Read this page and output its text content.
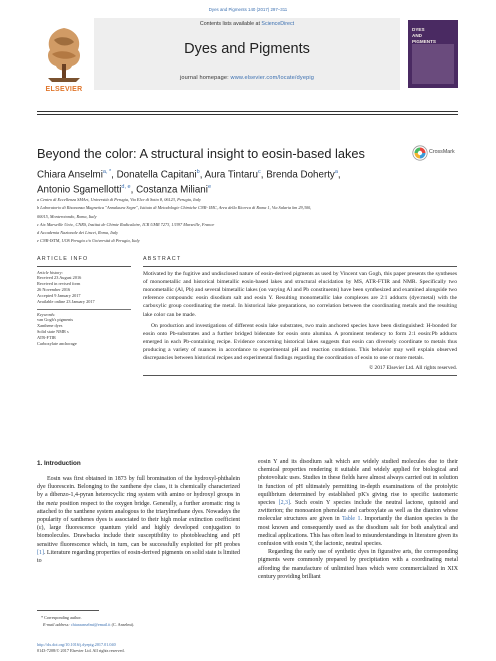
Dyes and Pigments 140 (2017) 297–311
ELSEVIER
Contents lists available at ScienceDirect
Dyes and Pigments
journal homepage: www.elsevier.com/locate/dyepig
DYES
AND
PIGMENTS
Beyond the color: A structural insight to eosin-based lakes	CrossMark
Chiara Anselmi$^{a, *}$, Donatella Capitani$^b$, Aura Tintaru$^c$, Brenda Doherty$^a$,
Antonio Sgamellotti$^{d, e}$, Costanza Miliani$^e$
a Centro di Eccellenza SMArt, Università di Perugia, Via Elce di Sotto 8, 06123, Perugia, Italy
b Laboratorio di Risonanza Magnetica "Annalaura Segre", Istituto di Metodologie Chimiche CNR- IMC, Area della Ricerca di Roma 1, Via Salaria km 29,300,
00015, Monterotondo, Roma, Italy
c Aix Marseille Univ., CNRS, Institut de Chimie Radicalaire, ICR UMR 7273, 13397 Marseille, France
d Accademia Nazionale dei Lincei, Roma, Italy
e CNR-ISTM, UOS Perugia c/o Università di Perugia, Italy
ARTICLE INFO
Article history:
Received 23 August 2016
Received in revised form
26 November 2016
Accepted 9 January 2017
Available online 23 January 2017
Keywords:
van Gogh's pigments
Xanthene dyes
Solid state NMR s
ATR-FTIR
Carboxylate anchorage
ABSTRACT

Motivated by the fugitive and undisclosed nature of eosin-derived pigments as used by Vincent van Gogh, this paper presents the syntheses of monometallic and historical bimetallic eosin-based lakes and structural elucidation by MS, ATR-FTIR and NMR. Specifically two monometallic (Al, Pb) and several bimetallic lakes (on varying Al and Pb constituents) have been synthesized and examined alongside two reference compounds: eosin disodium salt and eosin Y. Resulting monometallic lake complexes are 2:1 adducts (dye:metal) with the carboxylic group coordinating the metal. In historical lake preparations, no correlation between the coordinating metals and the resulting lake color can be made.

On production and investigations of different eosin lake substrates, two main anchored species have been distinguished: H-bonded for eosin onto Pb-substrates and a further bridged bidentate for eosin onto alumina. A prominent tendency to form 2:1 eosin:Pb adducts emerged in each Pb-containing recipe. Evidence concerning historical lakes suggests that eosin can diversely coordinate to metals thus producing a variety of nuances in accordance to experimental pH and reaction conditions. This behavior may well explain observed discrepancies between historical recipes and experimental findings regarding the coordination of eosin to one or more metals.

© 2017 Elsevier Ltd. All rights reserved.
1. Introduction
Eosin was first obtained in 1873 by full bromination of the hydroxyl-phthalein dye fluorescein. Belonging to the xanthene dye class, it is chemically characterized by a dibenzo-1,4-pyran heterocyclic ring system with amino or hydroxyl groups in the meta position respect to the oxygen bridge. Generally, a further aromatic ring is attached to the xanthene system analogous to the triarylmethane dyes. Nowadays the popularity of xanthenes dyes is associated to their high molar extinction coefficient (ε), large fluorescence quantum yield and highly developed conjugation to biomolecules. Drawbacks include their susceptibility to photobleaching and pH sensitive fluorescence which, in turn, can be successfully exploited for pH probes [1]. Literature regarding properties of eosin-derived pigments on solid state is limited to

eosin Y and its disodium salt which are widely studied molecules due to their chemical properties rendering it suitable and widely applied for biological and photovoltaic uses. Studies in these fields have almost always carried out in solution in function of pH ultimately permitting in-depth examinations of the protolytic equilibrium determined by established pK's giving rise to specific tautomeric species [2,3]. Such eosin Y species include the neutral lactone, quinoid and zwitterion; the monoanion phenolate and carboxylate as well as the dianion whose molecular structures are given in Table 1. Importantly the dianion species is the most known and consequently used as the disodium salt for both analytical and medical applications. This has often lead to misunderstandings in literature given its confusion with eosin Y, the lactonic, neutral species.

Regarding the early use of synthetic dyes in figurative arts, the corresponding pigments were commonly prepared by precipitation with a coordinating metal affording the manufacture of unlimited hues which were commercialized in XIX century providing brilliant

* Corresponding author.
E-mail address: chiaraanselmi@email.it (C. Anselmi).
http://dx.doi.org/10.1016/j.dyepig.2017.01.040
0143-7208/© 2017 Elsevier Ltd. All rights reserved.
